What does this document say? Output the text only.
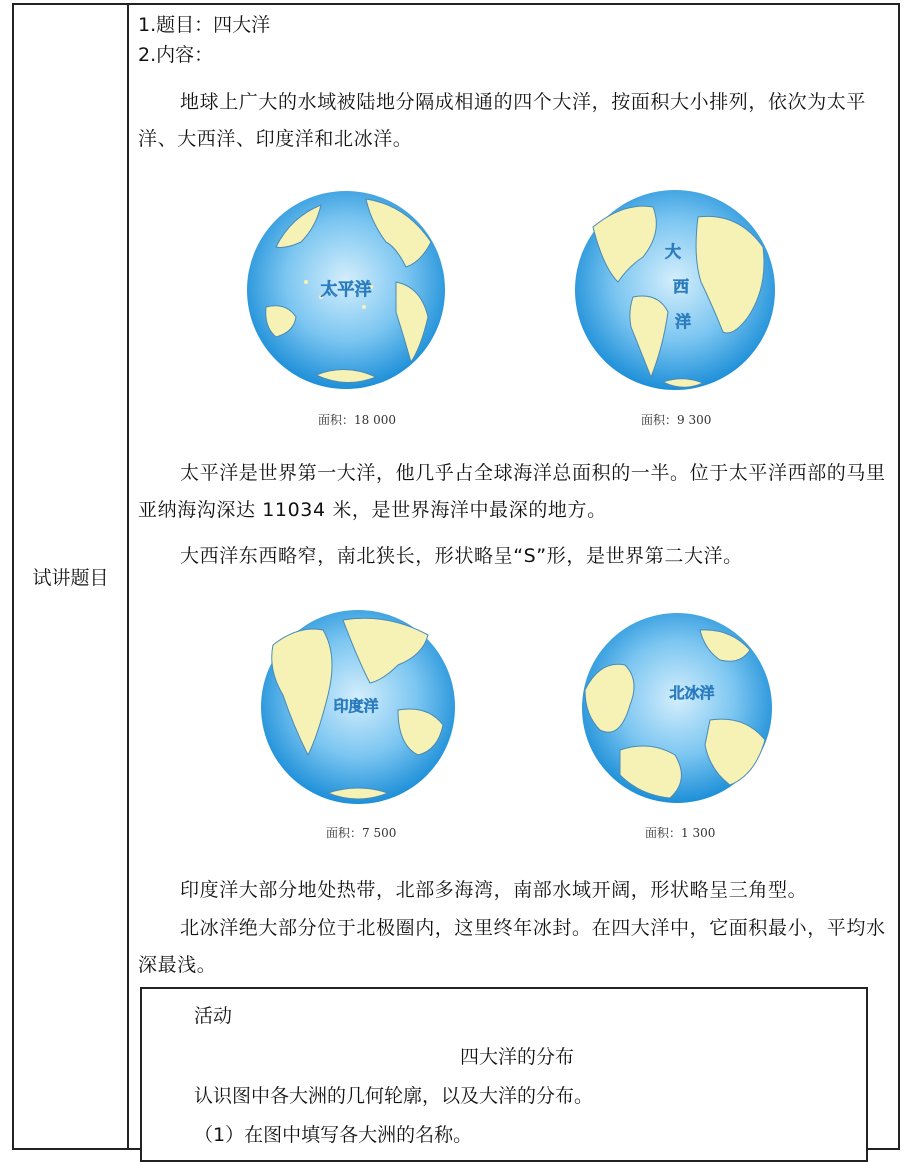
试讲题目
1.题目：四大洋
2.内容：
地球上广大的水域被陆地分隔成相通的四个大洋，按面积大小排列，依次为太平洋、大西洋、印度洋和北冰洋。
太平洋
面积：18 000
大
西
洋
面积：9 300
太平洋是世界第一大洋，他几乎占全球海洋总面积的一半。位于太平洋西部的马里亚纳海沟深达 11034 米，是世界海洋中最深的地方。
大西洋东西略窄，南北狭长，形状略呈“S”形，是世界第二大洋。
印度洋
面积：7 500
北冰洋
面积：1 300
印度洋大部分地处热带，北部多海湾，南部水域开阔，形状略呈三角型。
北冰洋绝大部分位于北极圈内，这里终年冰封。在四大洋中，它面积最小，平均水深最浅。
活动
四大洋的分布
认识图中各大洲的几何轮廓，以及大洋的分布。
（1）在图中填写各大洲的名称。
